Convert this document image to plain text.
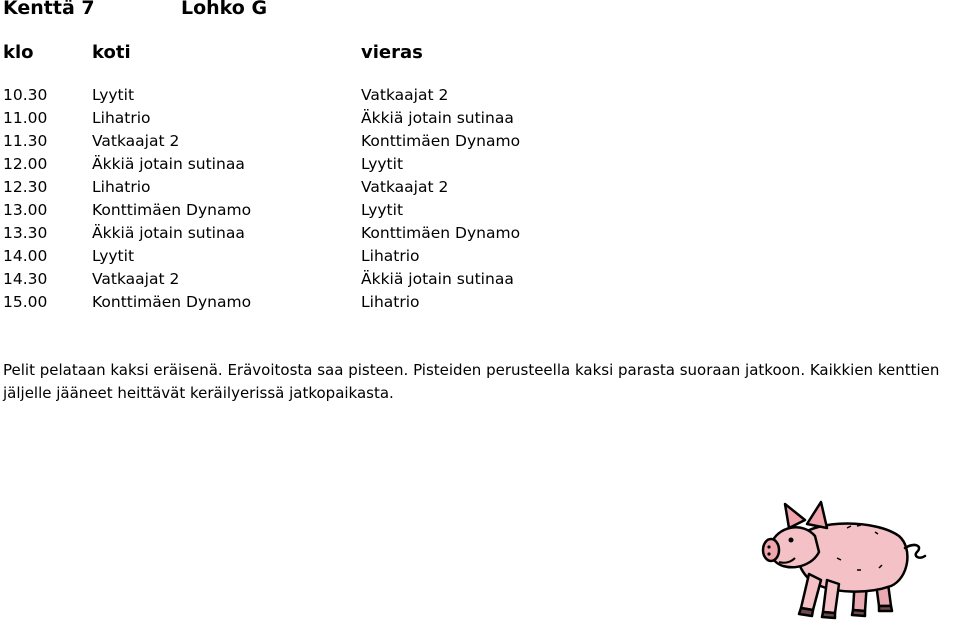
Kenttä 7	Lohko G
klo	koti	vieras
10.30	Lyytit	Vatkaajat 2
11.00	Lihatrio	Äkkiä jotain sutinaa
11.30	Vatkaajat 2	Konttimäen Dynamo
12.00	Äkkiä jotain sutinaa	Lyytit
12.30	Lihatrio	Vatkaajat 2
13.00	Konttimäen Dynamo	Lyytit
13.30	Äkkiä jotain sutinaa	Konttimäen Dynamo
14.00	Lyytit	Lihatrio
14.30	Vatkaajat 2	Äkkiä jotain sutinaa
15.00	Konttimäen Dynamo	Lihatrio
Pelit pelataan kaksi eräisenä. Erävoitosta saa pisteen. Pisteiden perusteella kaksi parasta suoraan jatkoon. Kaikkien kenttien
jäljelle jääneet heittävät keräilyerissä jatkopaikasta.
